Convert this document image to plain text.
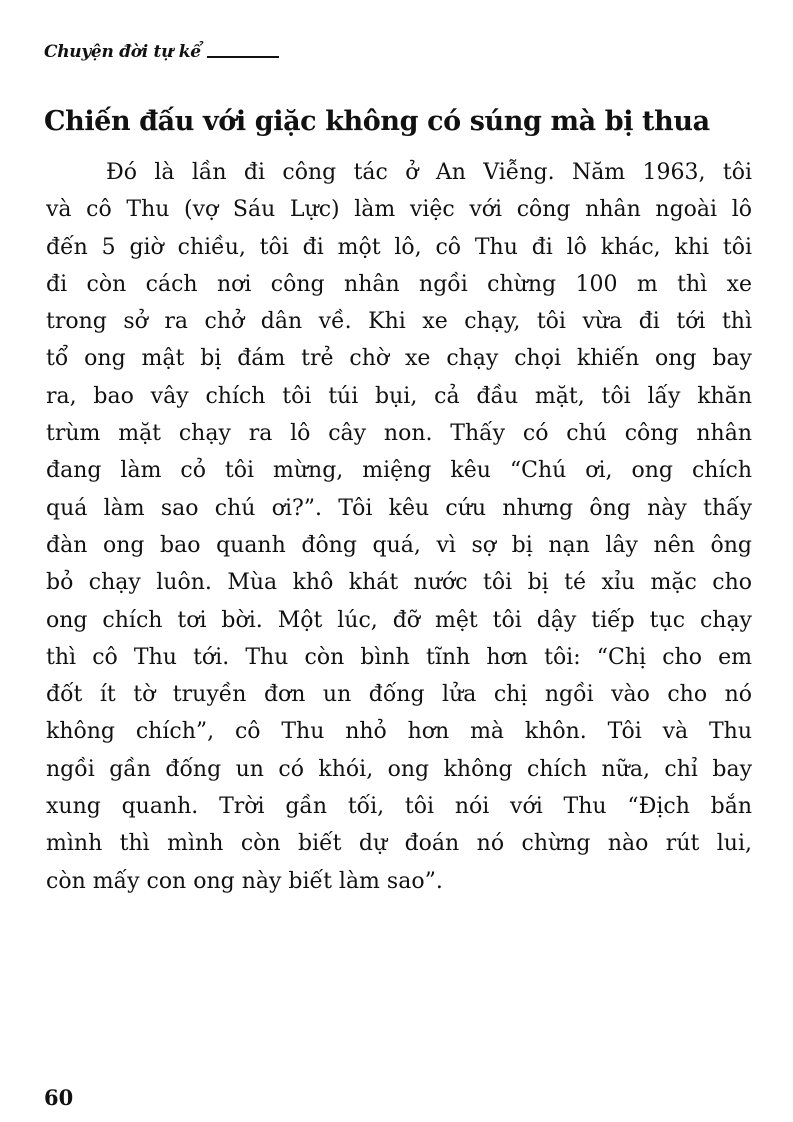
Chuyện đời tự kể
Chiến đấu với giặc không có súng mà bị thua
Đó là lần đi công tác ở An Viễng. Năm 1963, tôi
và cô Thu (vợ Sáu Lực) làm việc với công nhân ngoài lô
đến 5 giờ chiều, tôi đi một lô, cô Thu đi lô khác, khi tôi
đi còn cách nơi công nhân ngồi chừng 100 m thì xe
trong sở ra chở dân về. Khi xe chạy, tôi vừa đi tới thì
tổ ong mật bị đám trẻ chờ xe chạy chọi khiến ong bay
ra, bao vây chích tôi túi bụi, cả đầu mặt, tôi lấy khăn
trùm mặt chạy ra lô cây non. Thấy có chú công nhân
đang làm cỏ tôi mừng, miệng kêu “Chú ơi, ong chích
quá làm sao chú ơi?”. Tôi kêu cứu nhưng ông này thấy
đàn ong bao quanh đông quá, vì sợ bị nạn lây nên ông
bỏ chạy luôn. Mùa khô khát nước tôi bị té xỉu mặc cho
ong chích tơi bời. Một lúc, đỡ mệt tôi dậy tiếp tục chạy
thì cô Thu tới. Thu còn bình tĩnh hơn tôi: “Chị cho em
đốt ít tờ truyền đơn un đống lửa chị ngồi vào cho nó
không chích”, cô Thu nhỏ hơn mà khôn. Tôi và Thu
ngồi gần đống un có khói, ong không chích nữa, chỉ bay
xung quanh. Trời gần tối, tôi nói với Thu “Địch bắn
mình thì mình còn biết dự đoán nó chừng nào rút lui,
còn mấy con ong này biết làm sao”.
60
